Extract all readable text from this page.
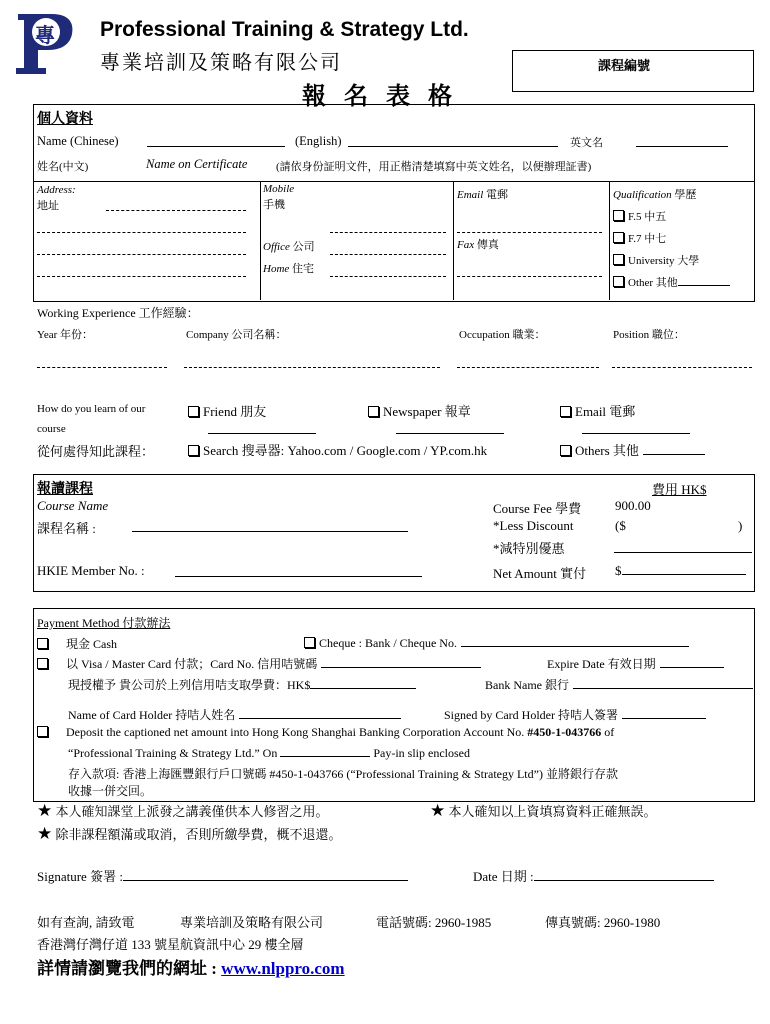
專 Professional Training & Strategy Ltd.
專業培訓及策略有限公司	課程編號
報 名 表 格
個人資料
Name (Chinese)	(English)	英文名
姓名(中文)	Name on Certificate	(請依身份証明文件，用正楷清楚填寫中英文姓名，以便辦理証書)
Address:
地址
Mobile
手機
Office 公司
Home 住宅
Email 電郵
Fax 傳真
Qualification 學歷
F.5 中五
F.7 中七
University 大學
Other 其他
Working Experience 工作經驗：
Year 年份：	Company 公司名稱：	Occupation 職業：	Position 職位：
How do you learn of our
course
從何處得知此課程：
Friend 朋友	Newspaper 報章	Email 電郵
Search 搜尋器: Yahoo.com / Google.com / YP.com.hk	Others 其他
報讀課程	費用 HK$
Course Name
課程名稱 :
Course Fee 學費	900.00
*Less Discount	($	)
*減特別優惠
HKIE Member No. :	Net Amount 實付 $
Payment Method 付款辦法
現金 Cash	Cheque : Bank / Cheque No.
以 Visa / Master Card 付款；Card No. 信用咭號碼	Expire Date 有效日期
現授權予 貴公司於上列信用咭支取學費：HK$	Bank Name 銀行
Name of Card Holder 持咭人姓名	Signed by Card Holder 持咭人簽署
Deposit the captioned net amount into Hong Kong Shanghai Banking Corporation Account No. #450-1-043766 of
“Professional Training & Strategy Ltd.” On	Pay-in slip enclosed
存入款項: 香港上海匯豐銀行戶口號碼 #450-1-043766 (“Professional Training & Strategy Ltd”) 並將銀行存款
收據一併交回。
★ 本人確知課堂上派發之講義僅供本人修習之用。	★ 本人確知以上資填寫資料正確無誤。
★ 除非課程額滿或取消，否則所繳學費，概不退還。
Signature 簽署 :	Date 日期 :
如有查詢, 請致電	專業培訓及策略有限公司	電話號碼: 2960-1985	傳真號碼: 2960-1980
香港灣仔灣仔道 133 號星航資訊中心 29 樓全層
詳情請瀏覽我們的網址 : www.nlppro.com
